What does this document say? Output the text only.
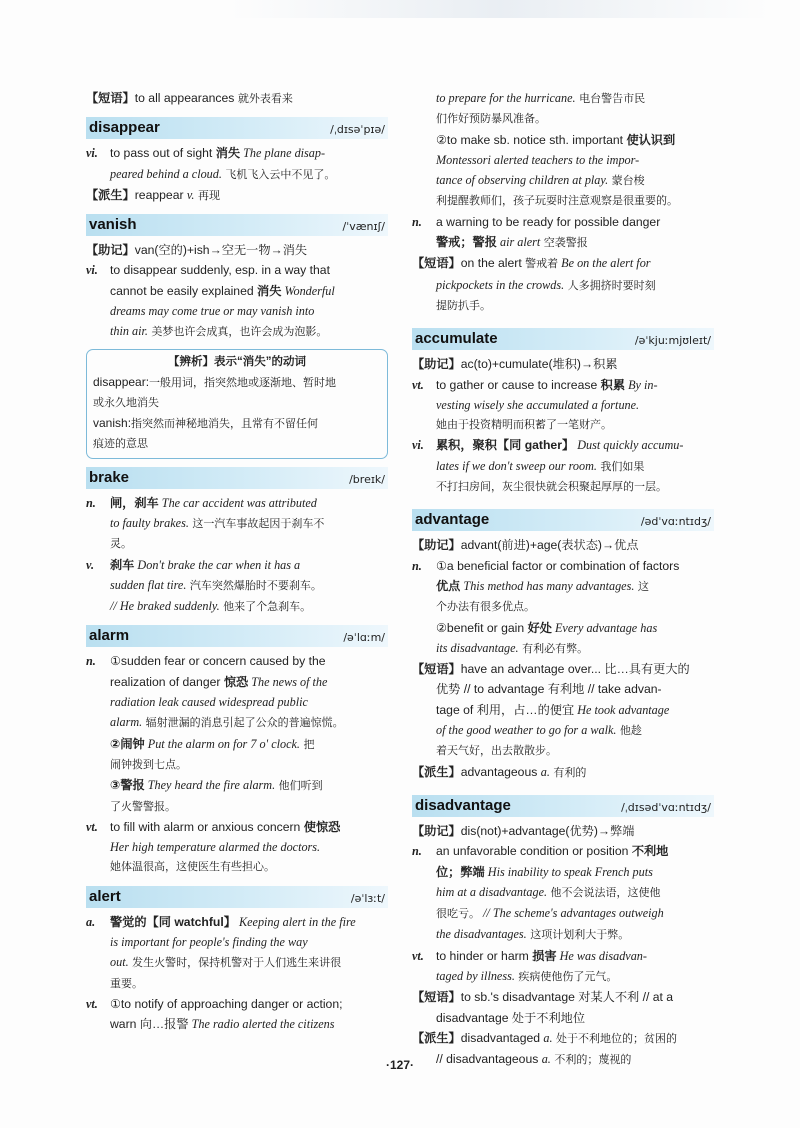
【短语】to all appearances 就外表看来
disappear	/ˌdɪsəˈpɪə/
vi. to pass out of sight 消失 The plane disap-
peared behind a cloud. 飞机飞入云中不见了。
【派生】reappear v. 再现
vanish	/ˈvænɪʃ/
【助记】van(空的)+ish→空无一物→消失
vi. to disappear suddenly, esp. in a way that
cannot be easily explained 消失 Wonderful
dreams may come true or may vanish into
thin air. 美梦也许会成真，也许会成为泡影。
【辨析】表示“消失”的动词
disappear:一般用词，指突然地或逐渐地、暂时地
或永久地消失
vanish:指突然而神秘地消失，且常有不留任何
痕迹的意思
brake	/breɪk/
n. 闸，刹车 The car accident was attributed
to faulty brakes. 这一汽车事故起因于刹车不
灵。
v. 刹车 Don't brake the car when it has a
sudden flat tire. 汽车突然爆胎时不要刹车。
// He braked suddenly. 他来了个急刹车。
alarm	/əˈlɑːm/
n. ①sudden fear or concern caused by the
realization of danger 惊恐 The news of the
radiation leak caused widespread public
alarm. 辐射泄漏的消息引起了公众的普遍惊慌。
②闹钟 Put the alarm on for 7 o' clock. 把
闹钟拨到七点。
③警报 They heard the fire alarm. 他们听到
了火警警报。
vt. to fill with alarm or anxious concern 使惊恐
Her high temperature alarmed the doctors.
她体温很高，这使医生有些担心。
alert	/əˈlɜːt/
a. 警觉的【同 watchful】 Keeping alert in the fire
is important for people's finding the way
out. 发生火警时，保持机警对于人们逃生来讲很
重要。
vt. ①to notify of approaching danger or action;
warn 向…报警 The radio alerted the citizens
to prepare for the hurricane. 电台警告市民
们作好预防暴风准备。
②to make sb. notice sth. important 使认识到
Montessori alerted teachers to the impor-
tance of observing children at play. 蒙台梭
利提醒教师们，孩子玩耍时注意观察是很重要的。
n. a warning to be ready for possible danger
警戒；警报 air alert 空袭警报
【短语】on the alert 警戒着 Be on the alert for
pickpockets in the crowds. 人多拥挤时要时刻
提防扒手。
accumulate	/əˈkjuːmjʊleɪt/
【助记】ac(to)+cumulate(堆积)→积累
vt. to gather or cause to increase 积累 By in-
vesting wisely she accumulated a fortune.
她由于投资精明而积蓄了一笔财产。
vi. 累积，聚积【同 gather】 Dust quickly accumu-
lates if we don't sweep our room. 我们如果
不打扫房间，灰尘很快就会积聚起厚厚的一层。
advantage	/ədˈvɑːntɪdʒ/
【助记】advant(前进)+age(表状态)→优点
n. ①a beneficial factor or combination of factors
优点 This method has many advantages. 这
个办法有很多优点。
②benefit or gain 好处 Every advantage has
its disadvantage. 有利必有弊。
【短语】have an advantage over... 比…具有更大的
优势 // to advantage 有利地 // take advan-
tage of 利用，占…的便宜 He took advantage
of the good weather to go for a walk. 他趁
着天气好，出去散散步。
【派生】advantageous a. 有利的
disadvantage	/ˌdɪsədˈvɑːntɪdʒ/
【助记】dis(not)+advantage(优势)→弊端
n. an unfavorable condition or position 不利地
位；弊端 His inability to speak French puts
him at a disadvantage. 他不会说法语，这使他
很吃亏。 // The scheme's advantages outweigh
the disadvantages. 这项计划利大于弊。
vt. to hinder or harm 损害 He was disadvan-
taged by illness. 疾病使他伤了元气。
【短语】to sb.'s disadvantage 对某人不利 // at a
disadvantage 处于不利地位
【派生】disadvantaged a. 处于不利地位的；贫困的
// disadvantageous a. 不利的；蔑视的
·127·
